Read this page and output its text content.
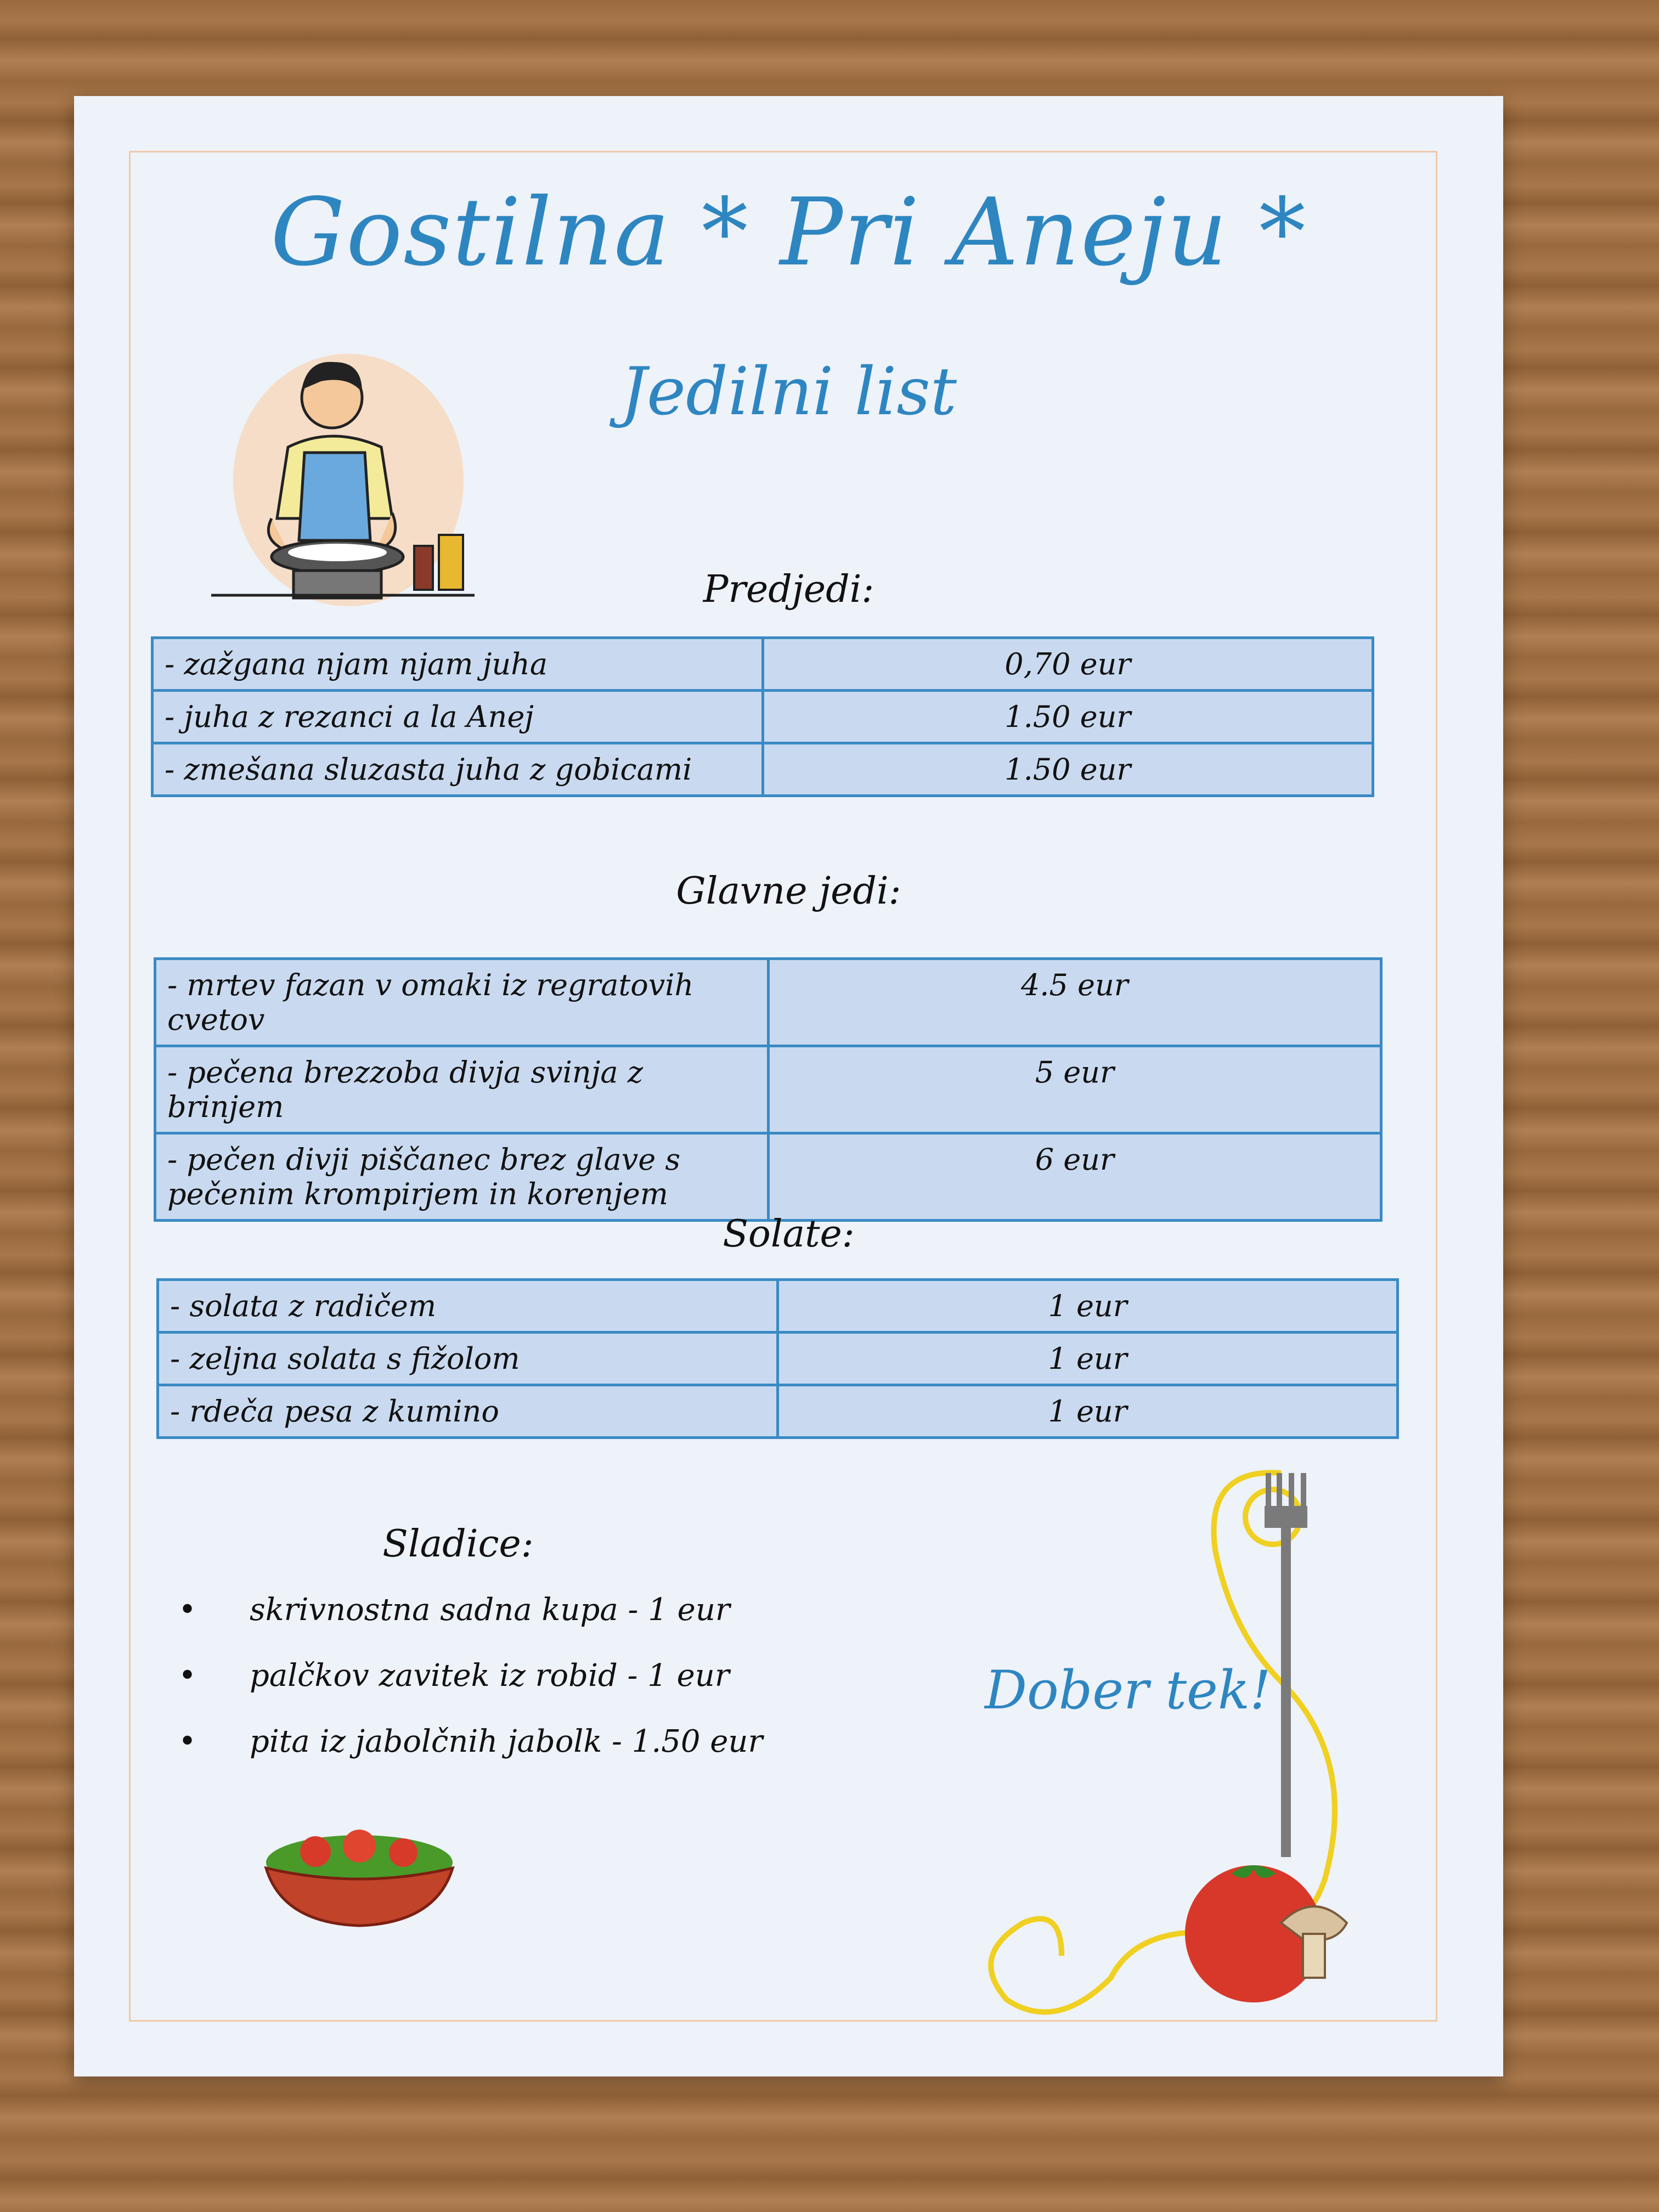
Gostilna * Pri Aneju *
Jedilni list
Predjedi:
- zažgana njam njam juha	0,70 eur
- juha z rezanci a la Anej	1.50 eur
- zmešana sluzasta juha z gobicami	1.50 eur
Glavne jedi:
- mrtev fazan v omaki iz regratovih cvetov	4.5 eur
- pečena brezzoba divja svinja z brinjem	5 eur
- pečen divji piščanec brez glave s pečenim krompirjem in korenjem	6 eur
Solate:
- solata z radičem	1 eur
- zeljna solata s fižolom	1 eur
- rdeča pesa z kumino	1 eur
Sladice:
• skrivnostna sadna kupa - 1 eur
• palčkov zavitek iz robid - 1 eur
• pita iz jabolčnih jabolk - 1.50 eur
Dober tek!
